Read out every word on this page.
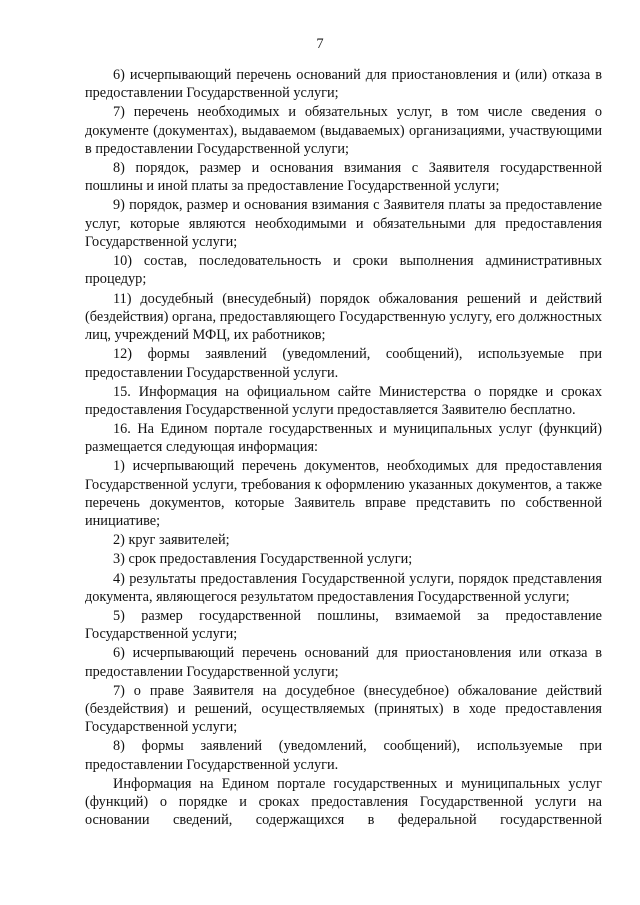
7

6) исчерпывающий перечень оснований для приостановления и (или) отказа в предоставлении Государственной услуги;

7) перечень необходимых и обязательных услуг, в том числе сведения о документе (документах), выдаваемом (выдаваемых) организациями, участвующими в предоставлении Государственной услуги;

8) порядок, размер и основания взимания с Заявителя государственной пошлины и иной платы за предоставление Государственной услуги;

9) порядок, размер и основания взимания с Заявителя платы за предоставление услуг, которые являются необходимыми и обязательными для предоставления Государственной услуги;

10) состав, последовательность и сроки выполнения административных процедур;

11) досудебный (внесудебный) порядок обжалования решений и действий (бездействия) органа, предоставляющего Государственную услугу, его должностных лиц, учреждений МФЦ, их работников;

12) формы заявлений (уведомлений, сообщений), используемые при предоставлении Государственной услуги.

15. Информация на официальном сайте Министерства о порядке и сроках предоставления Государственной услуги предоставляется Заявителю бесплатно.

16. На Едином портале государственных и муниципальных услуг (функций) размещается следующая информация:

1) исчерпывающий перечень документов, необходимых для предоставления Государственной услуги, требования к оформлению указанных документов, а также перечень документов, которые Заявитель вправе представить по собственной инициативе;

2) круг заявителей;

3) срок предоставления Государственной услуги;

4) результаты предоставления Государственной услуги, порядок представления документа, являющегося результатом предоставления Государственной услуги;

5) размер государственной пошлины, взимаемой за предоставление Государственной услуги;

6) исчерпывающий перечень оснований для приостановления или отказа в предоставлении Государственной услуги;

7) о праве Заявителя на досудебное (внесудебное) обжалование действий (бездействия) и решений, осуществляемых (принятых) в ходе предоставления Государственной услуги;

8) формы заявлений (уведомлений, сообщений), используемые при предоставлении Государственной услуги.

Информация на Едином портале государственных и муниципальных услуг (функций) о порядке и сроках предоставления Государственной услуги на основании сведений, содержащихся в федеральной государственной
